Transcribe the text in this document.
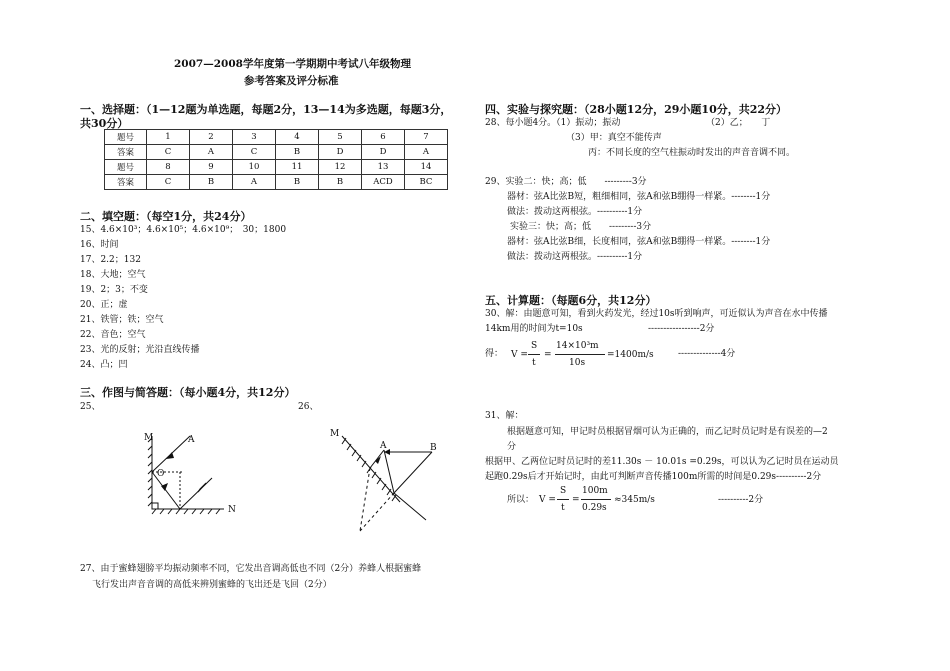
2007—2008学年度第一学期期中考试八年级物理
参考答案及评分标准
一、选择题：（1—12题为单选题，每题2分，13—14为多选题，每题3分，
共30分）
题号	1	2	3	4	5	6	7
答案	C	A	C	B	D	D	A
题号	8	9	10	11	12	13	14
答案	C	B	A	B	B	ACD	BC
二、填空题：（每空1分，共24分）
15、4.6×10³；4.6×10⁵；4.6×10⁹；　30；1800
16、时间
17、2.2；132
18、大地；空气
19、2；3；不变
20、正；虚
21、铁管；铁；空气
22、音色；空气
23、光的反射；光沿直线传播
24、凸；凹
三、作图与简答题：（每小题4分，共12分）
25、	26、
M	A
O
N
M
A	B
27、由于蜜蜂翅膀平均振动频率不同，它发出音调高低也不同（2分）养蜂人根据蜜蜂
飞行发出声音音调的高低来辨别蜜蜂的飞出还是飞回（2分）
四、实验与探究题：（28小题12分，29小题10分，共22分）
28、每小题4分。（1）振动；振动	（2）乙；　　丁
（3）甲：真空不能传声
丙：不同长度的空气柱振动时发出的声音音调不同。
29、实验二：快；高；低　　---------3分
器材：弦A比弦B短，粗细相同，弦A和弦B绷得一样紧。--------1分
做法：拨动这两根弦。----------1分
实验三：快；高；低　　---------3分
器材：弦A比弦B细，长度相同，弦A和弦B绷得一样紧。--------1分
做法：拨动这两根弦。----------1分
五、计算题：（每题6分，共12分）
30、解：由题意可知，看到火药发光，经过10s听到响声，可近似认为声音在水中传播
14km用的时间为t=10s	-----------------2分
得： V =
S
t
=
14×10³m
10s
=1400m/s	--------------4分
31、解：
根据题意可知，甲记时员根据冒烟可认为正确的，而乙记时员记时是有误差的—2
分
根据甲、乙两位记时员记时的差11.30s － 10.01s =0.29s，可以认为乙记时员在运动员
起跑0.29s后才开始记时，由此可判断声音传播100m所需的时间是0.29s----------2分
所以： V =
S
t
=
100m
0.29s
≈345m/s	----------2分
